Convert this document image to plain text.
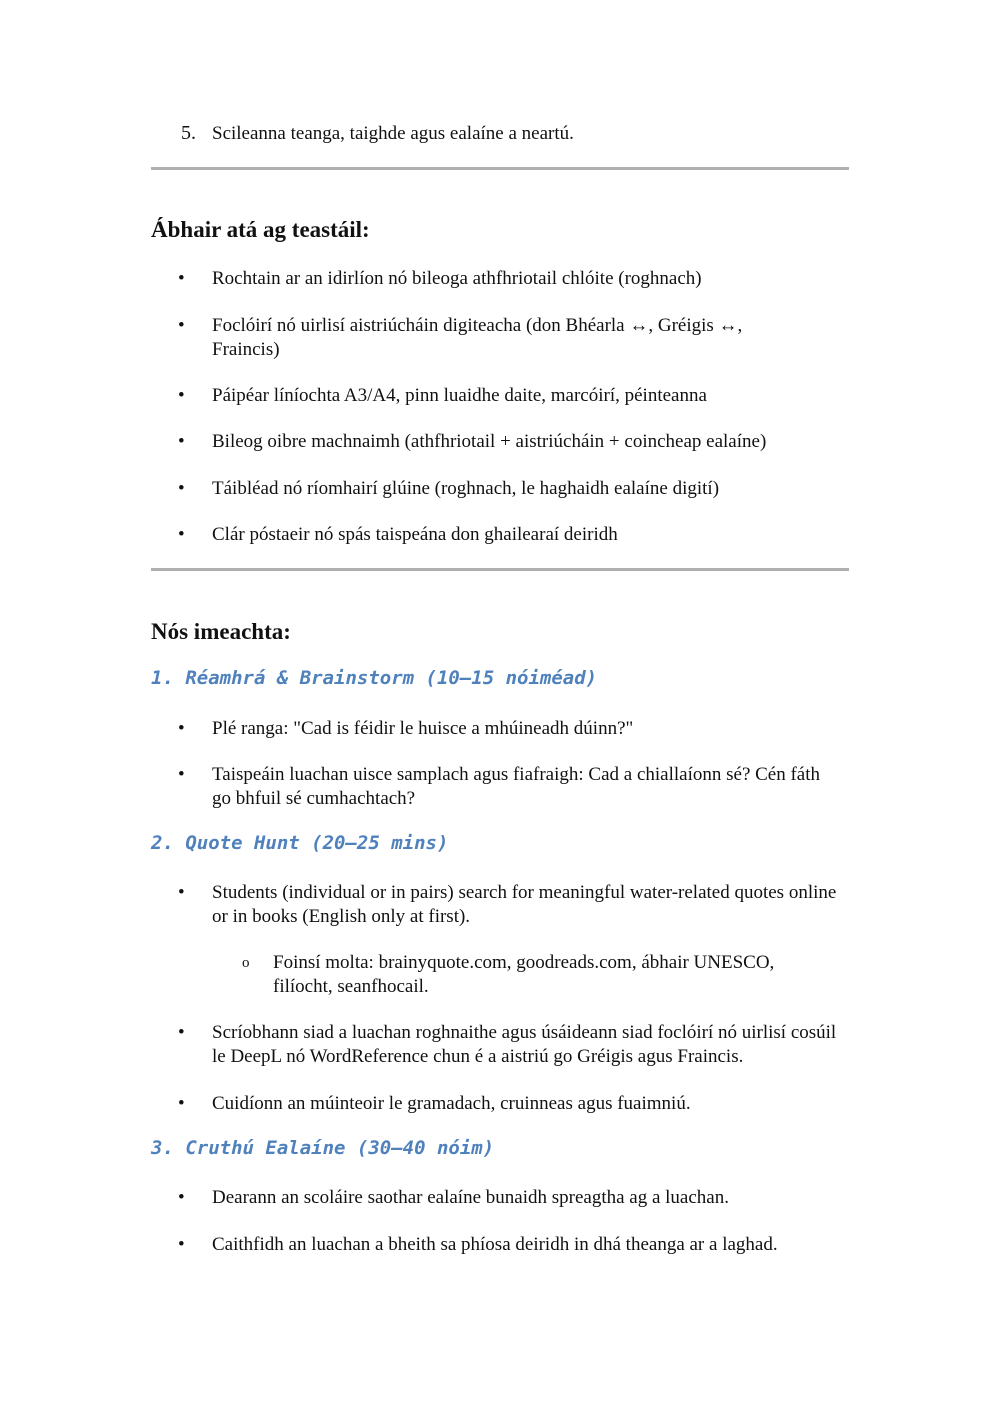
5. Scileanna teanga, taighde agus ealaíne a neartú.
Ábhair atá ag teastáil:
• Rochtain ar an idirlíon nó bileoga athfhriotail chlóite (roghnach)
• Foclóirí nó uirlisí aistriúcháin digiteacha (don Bhéarla ↔, Gréigis ↔, Fraincis)
• Páipéar líníochta A3/A4, pinn luaidhe daite, marcóirí, péinteanna
• Bileog oibre machnaimh (athfhriotail + aistriúcháin + coincheap ealaíne)
• Táibléad nó ríomhairí glúine (roghnach, le haghaidh ealaíne digití)
• Clár póstaeir nó spás taispeána don ghailearaí deiridh
Nós imeachta:
1. Réamhrá & Brainstorm (10–15 nóiméad)
• Plé ranga: "Cad is féidir le huisce a mhúineadh dúinn?"
• Taispeáin luachan uisce samplach agus fiafraigh: Cad a chiallaíonn sé? Cén fáth go bhfuil sé cumhachtach?
2. Quote Hunt (20–25 mins)
• Students (individual or in pairs) search for meaningful water-related quotes online or in books (English only at first).
o Foinsí molta: brainyquote.com, goodreads.com, ábhair UNESCO, filíocht, seanfhocail.
• Scríobhann siad a luachan roghnaithe agus úsáideann siad foclóirí nó uirlisí cosúil le DeepL nó WordReference chun é a aistriú go Gréigis agus Fraincis.
• Cuidíonn an múinteoir le gramadach, cruinneas agus fuaimniú.
3. Cruthú Ealaíne (30–40 nóim)
• Dearann an scoláire saothar ealaíne bunaidh spreagtha ag a luachan.
• Caithfidh an luachan a bheith sa phíosa deiridh in dhá theanga ar a laghad.
